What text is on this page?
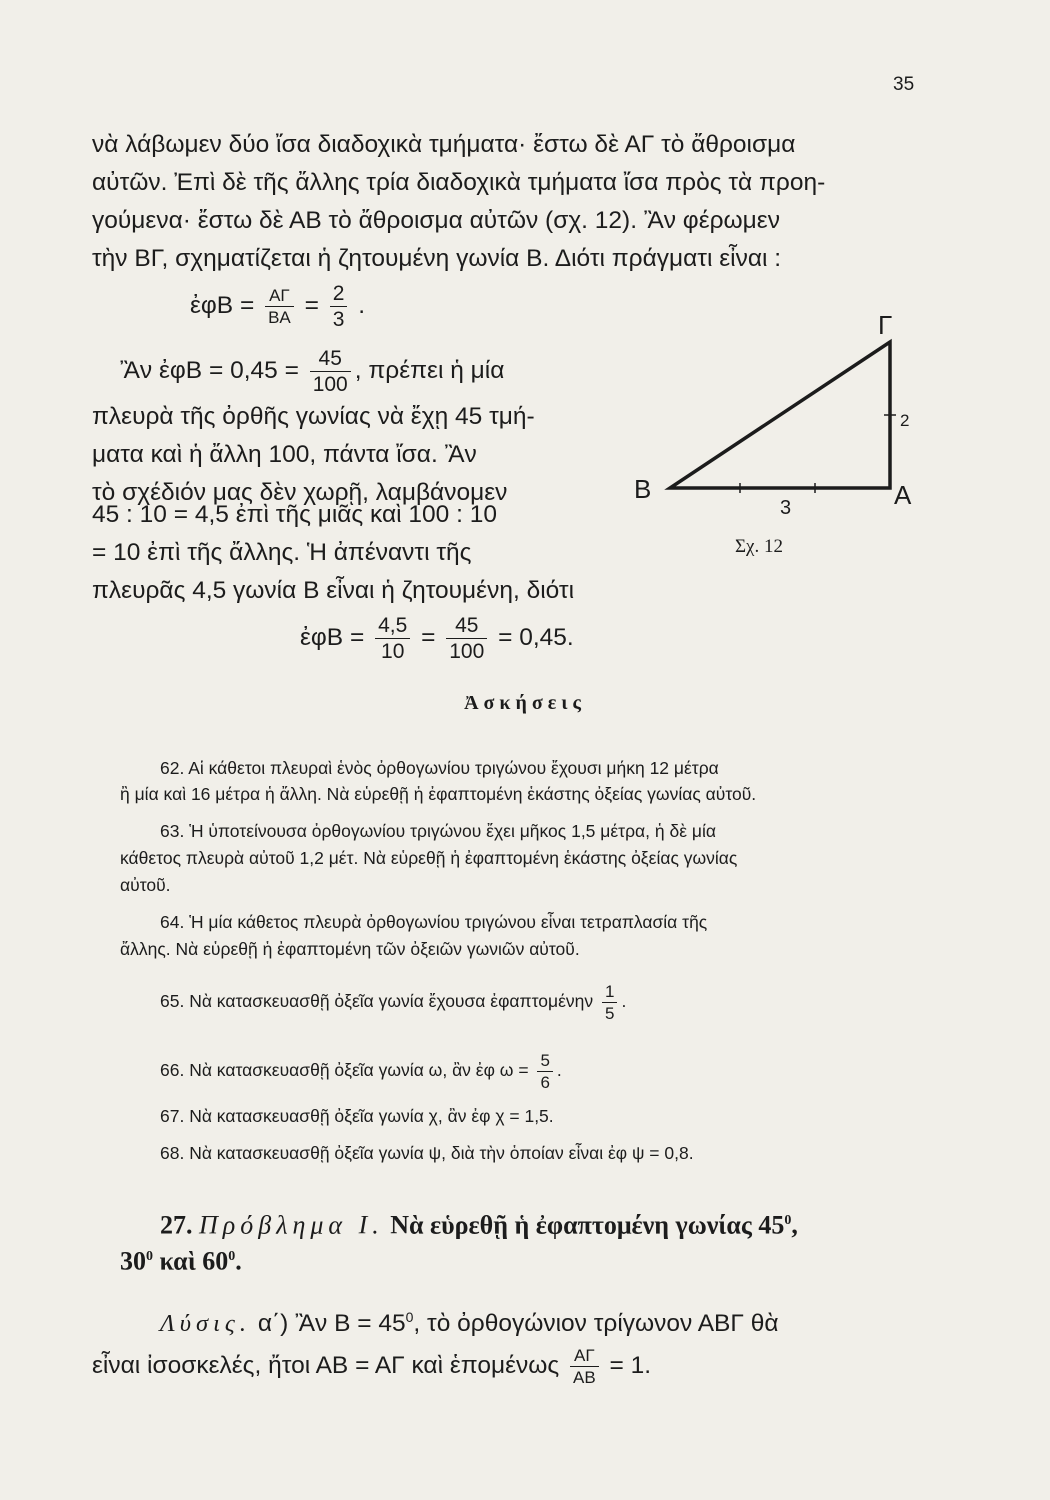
35
νὰ λάβωμεν δύο ἴσα διαδοχικὰ τμήματα· ἔστω δὲ ΑΓ τὸ ἄθροισμα
αὐτῶν. Ἐπὶ δὲ τῆς ἄλλης τρία διαδοχικὰ τμήματα ἴσα πρὸς τὰ προη-
γούμενα· ἔστω δὲ ΑΒ τὸ ἄθροισμα αὐτῶν (σχ. 12). Ἂν φέρωμεν
τὴν ΒΓ, σχηματίζεται ἡ ζητουμένη γωνία Β. Διότι πράγματι εἶναι :
ἐφΒ = $\frac{A\Gamma}{BA} = \frac{2}{3}$ .
Ἂν ἐφΒ = $0,45 = \frac{45}{100}$ , πρέπει ἡ μία
πλευρὰ τῆς ὀρθῆς γωνίας νὰ ἔχῃ 45 τμή-
ματα καὶ ἡ ἄλλη 100, πάντα ἴσα. Ἂν
τὸ σχέδιόν μας δὲν χωρῇ, λαμβάνομεν
45 : 10 = 4,5 ἐπὶ τῆς μιᾶς καὶ 100 : 10
= 10 ἐπὶ τῆς ἄλλης. Ἡ ἀπέναντι τῆς
πλευρᾶς 4,5 γωνία Β εἶναι ἡ ζητουμένη, διότι
ἐφΒ = $\frac{4,5}{10} = \frac{45}{100} = 0,45$.
Β	Α
Γ
3
2
Σχ. 12
Ἀσκήσεις
62. Αἱ κάθετοι πλευραὶ ἑνὸς ὀρθογωνίου τριγώνου ἔχουσι μήκη 12 μέτρα
ἢ μία καὶ 16 μέτρα ἡ ἄλλη. Νὰ εὑρεθῇ ἡ ἐφαπτομένη ἑκάστης ὀξείας γωνίας αὐτοῦ.
63. Ἡ ὑποτείνουσα ὀρθογωνίου τριγώνου ἔχει μῆκος 1,5 μέτρα, ἡ δὲ μία
κάθετος πλευρὰ αὐτοῦ 1,2 μέτ. Νὰ εὑρεθῇ ἡ ἐφαπτομένη ἑκάστης ὀξείας γωνίας
αὐτοῦ.
64. Ἡ μία κάθετος πλευρὰ ὀρθογωνίου τριγώνου εἶναι τετραπλασία τῆς
ἄλλης. Νὰ εὑρεθῇ ἡ ἐφαπτομένη τῶν ὀξειῶν γωνιῶν αὐτοῦ.
65. Νὰ κατασκευασθῇ ὀξεῖα γωνία ἔχουσα ἐφαπτομένην $\frac{1}{5}$ .
66. Νὰ κατασκευασθῇ ὀξεῖα γωνία ω, ἂν ἐφ $\omega = \frac{5}{6}$ .
67. Νὰ κατασκευασθῇ ὀξεῖα γωνία χ, ἂν ἐφ χ = 1,5.
68. Νὰ κατασκευασθῇ ὀξεῖα γωνία ψ, διὰ τὴν ὁποίαν εἶναι ἐφ ψ = 0,8.
27. Πρόβλημα Ι. Νὰ εὑρεθῇ ἡ ἐφαπτομένη γωνίας $45^0$,
$30^0$ καὶ $60^0$.
Λύσις. α΄) Ἂν $B = 45^0$, τὸ ὀρθογώνιον τρίγωνον ΑΒΓ θὰ
εἶναι ἰσοσκελές, ἤτοι ΑΒ = ΑΓ καὶ ἑπομένως $\frac{A\Gamma}{AB} = 1$.
